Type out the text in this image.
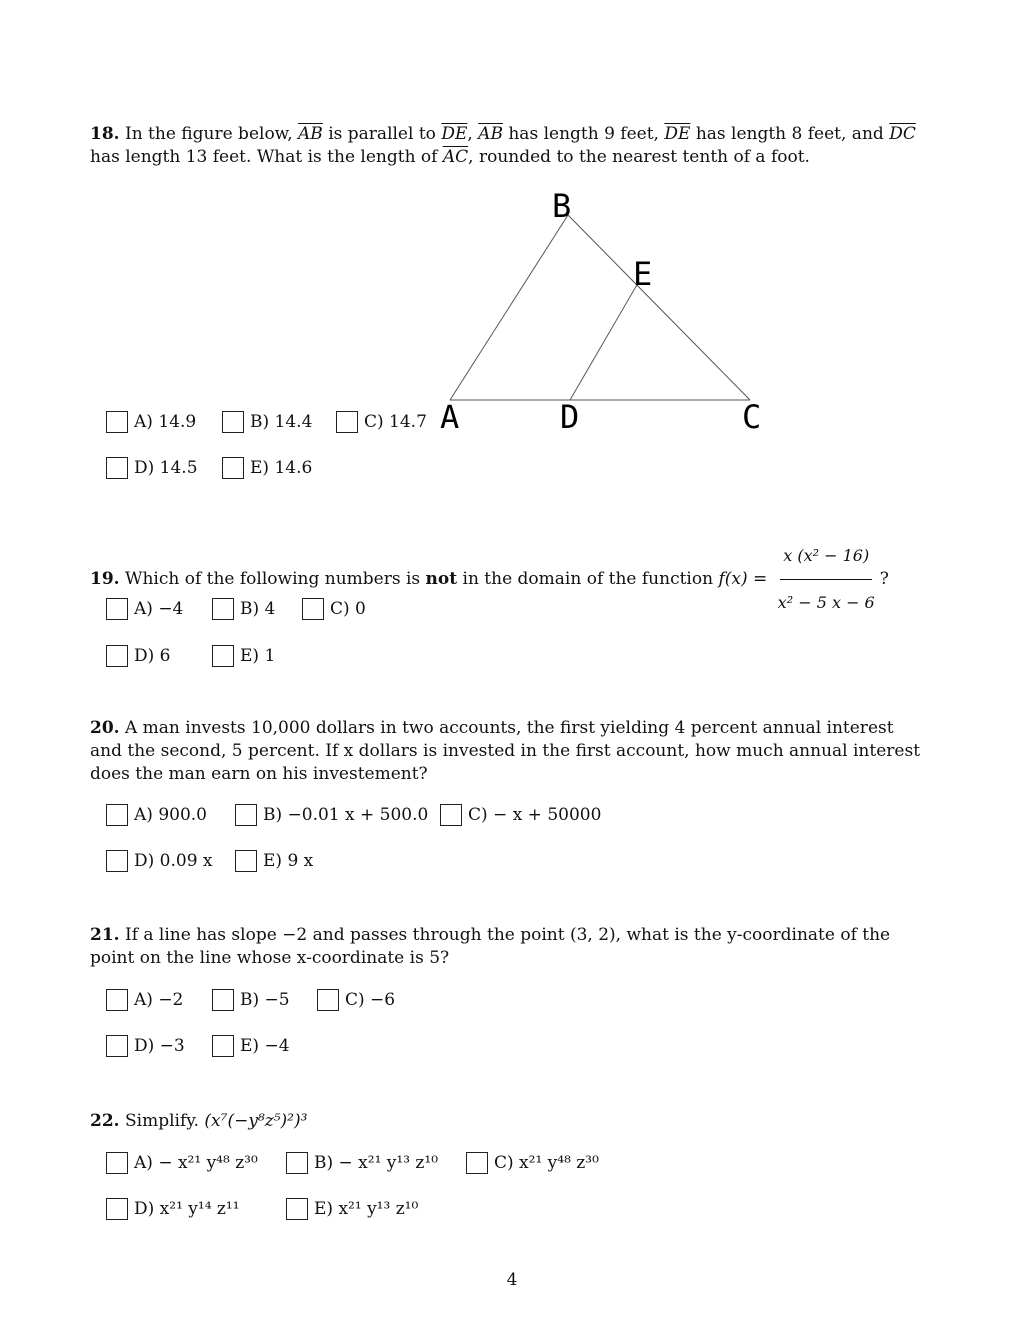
18. In the figure below, $\overline{AB}$ is parallel to $\overline{DE}$, $\overline{AB}$ has length 9 feet, $\overline{DE}$ has length 8 feet, and $\overline{DC}$ has length 13 feet. What is the length of $\overline{AC}$, rounded to the nearest tenth of a foot.
B
E
A	D	C
A) 14.9	B) 14.4	C) 14.7
D) 14.5	E) 14.6
19. Which of the following numbers is not in the domain of the function $f(x) = \frac{\text{x (x² − 16)}}{\text{x² − 5 x − 6}}$ ?
A) −4	B) 4	C) 0
D) 6	E) 1
20. A man invests 10,000 dollars in two accounts, the first yielding 4 percent annual interest and the second, 5 percent. If x dollars is invested in the first account, how much annual interest does the man earn on his investement?
A) 900.0	B) −0.01 x + 500.0 C) − x + 50000
D) 0.09 x	E) 9 x
21. If a line has slope −2 and passes through the point (3, 2), what is the y-coordinate of the point on the line whose x-coordinate is 5?
A) −2	B) −5	C) −6
D) −3	E) −4
22. Simplify. (x⁷(−y⁸z⁵)²)³
A) − x²¹ y⁴⁸ z³⁰	B) − x²¹ y¹³ z¹⁰	C) x²¹ y⁴⁸ z³⁰
D) x²¹ y¹⁴ z¹¹	E) x²¹ y¹³ z¹⁰
4
